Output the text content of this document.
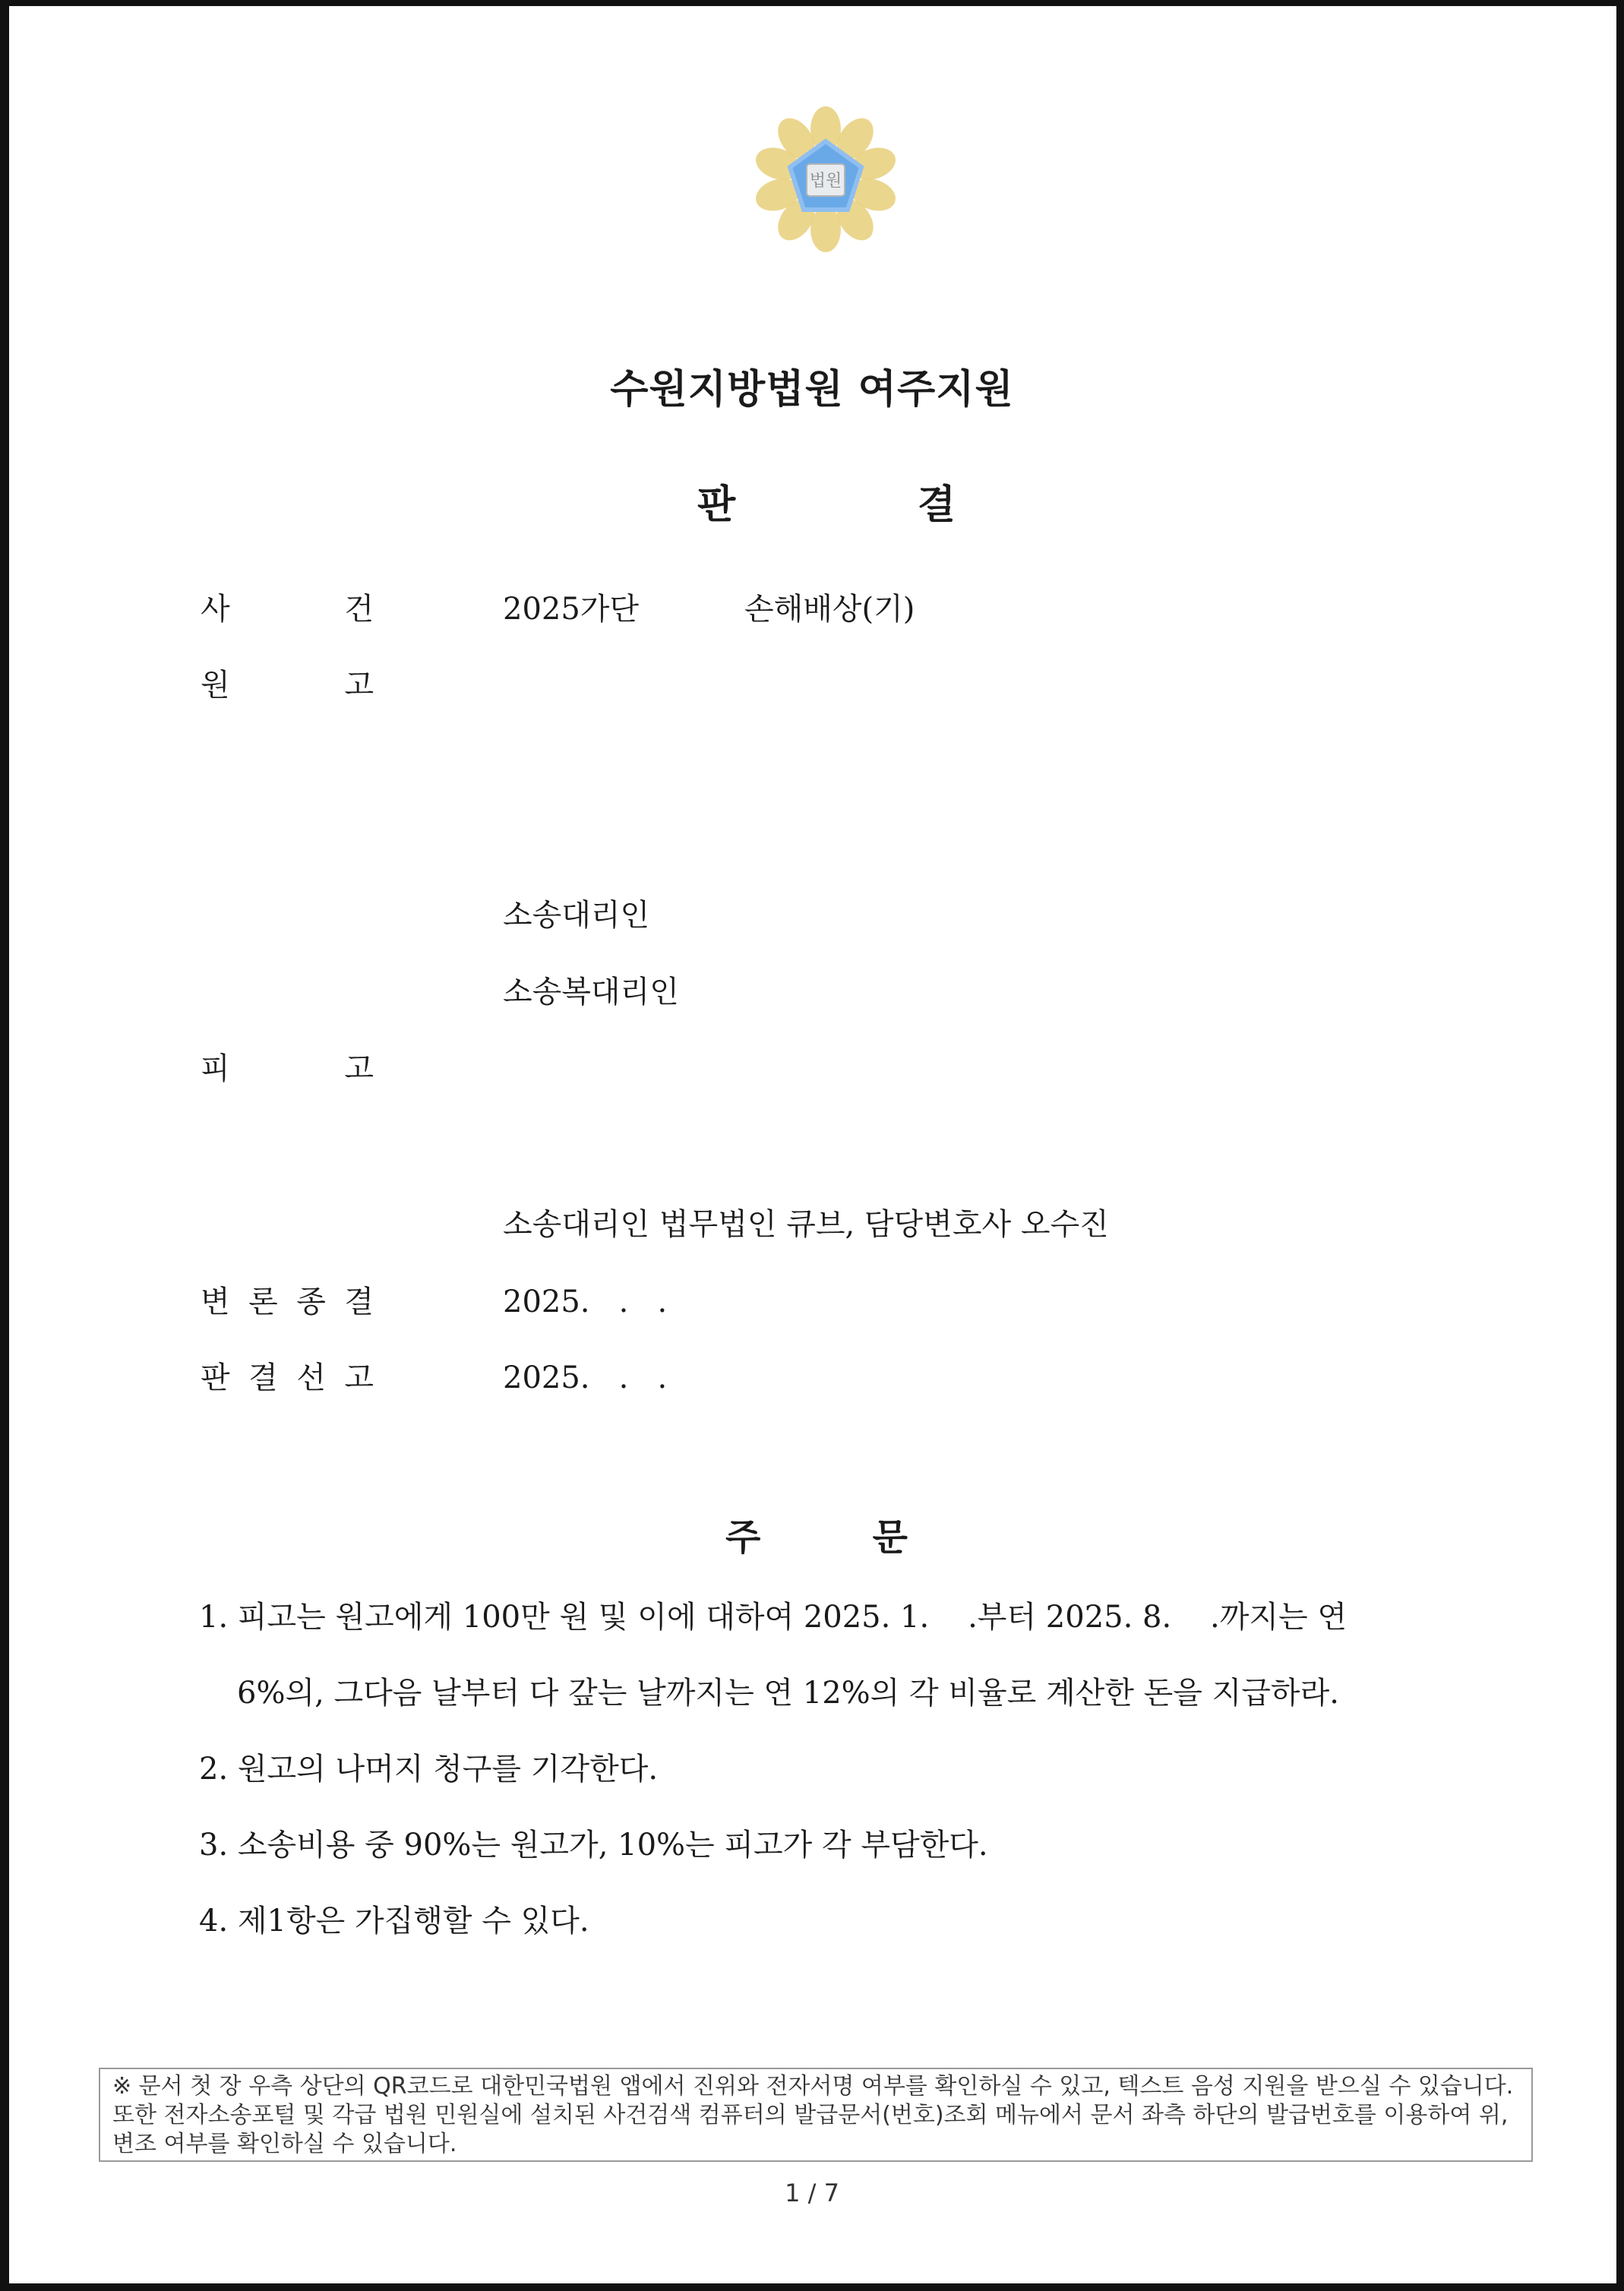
법원
수원지방법원 여주지원
판	결
사	건	2025가단	손해배상(기)
원	고
소송대리인
소송복대리인
피	고
소송대리인 법무법인 큐브, 담당변호사 오수진
변 론 종 결	2025.   .   .
판 결 선 고	2025.   .   .
주	문
1. 피고는 원고에게 100만 원 및 이에 대하여 2025. 1.    .부터 2025. 8.    .까지는 연
6%의, 그다음 날부터 다 갚는 날까지는 연 12%의 각 비율로 계산한 돈을 지급하라.
2. 원고의 나머지 청구를 기각한다.
3. 소송비용 중 90%는 원고가, 10%는 피고가 각 부담한다.
4. 제1항은 가집행할 수 있다.
※ 문서 첫 장 우측 상단의 QR코드로 대한민국법원 앱에서 진위와 전자서명 여부를 확인하실 수 있고, 텍스트 음성 지원을 받으실 수 있습니다. 또한 전자소송포털 및 각급 법원 민원실에 설치된 사건검색 컴퓨터의 발급문서(번호)조회 메뉴에서 문서 좌측 하단의 발급번호를 이용하여 위,변조 여부를 확인하실 수 있습니다.
1 / 7
